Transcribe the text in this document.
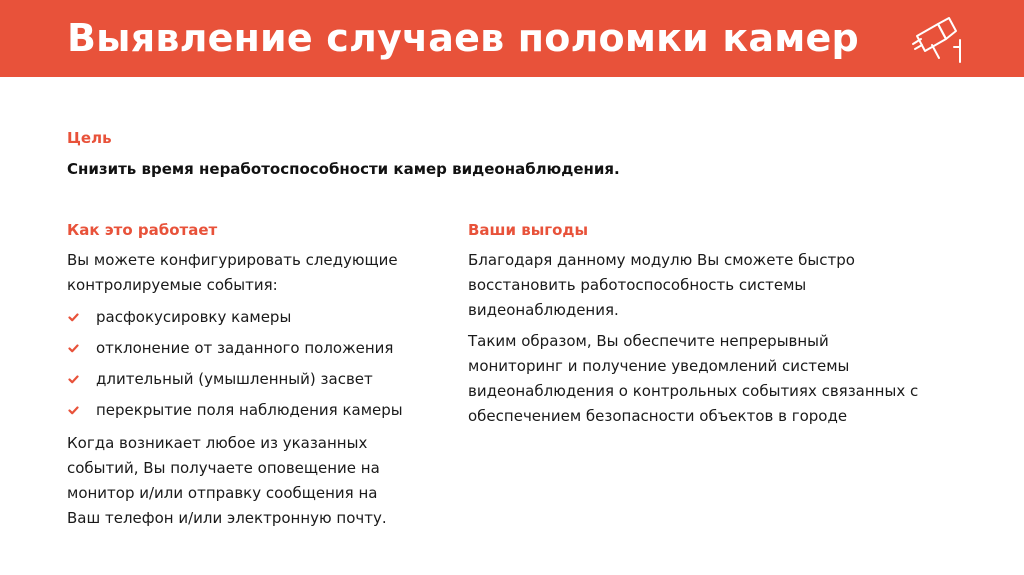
Выявление случаев поломки камер
Цель
Снизить время неработоспособности камер видеонаблюдения.
Как это работает

Вы можете конфигурировать следующие
контролируемые события:

расфокусировку камеры
отклонение от заданного положения
длительный (умышленный) засвет
перекрытие поля наблюдения камеры

Когда возникает любое из указанных
событий, Вы получаете оповещение на
монитор и/или отправку сообщения на
Ваш телефон и/или электронную почту.

Ваши выгоды

Благодаря данному модулю Вы сможете быстро
восстановить работоспособность системы
видеонаблюдения.

Таким образом, Вы обеспечите непрерывный
мониторинг и получение уведомлений системы
видеонаблюдения о контрольных событиях связанных с
обеспечением безопасности объектов в городе
